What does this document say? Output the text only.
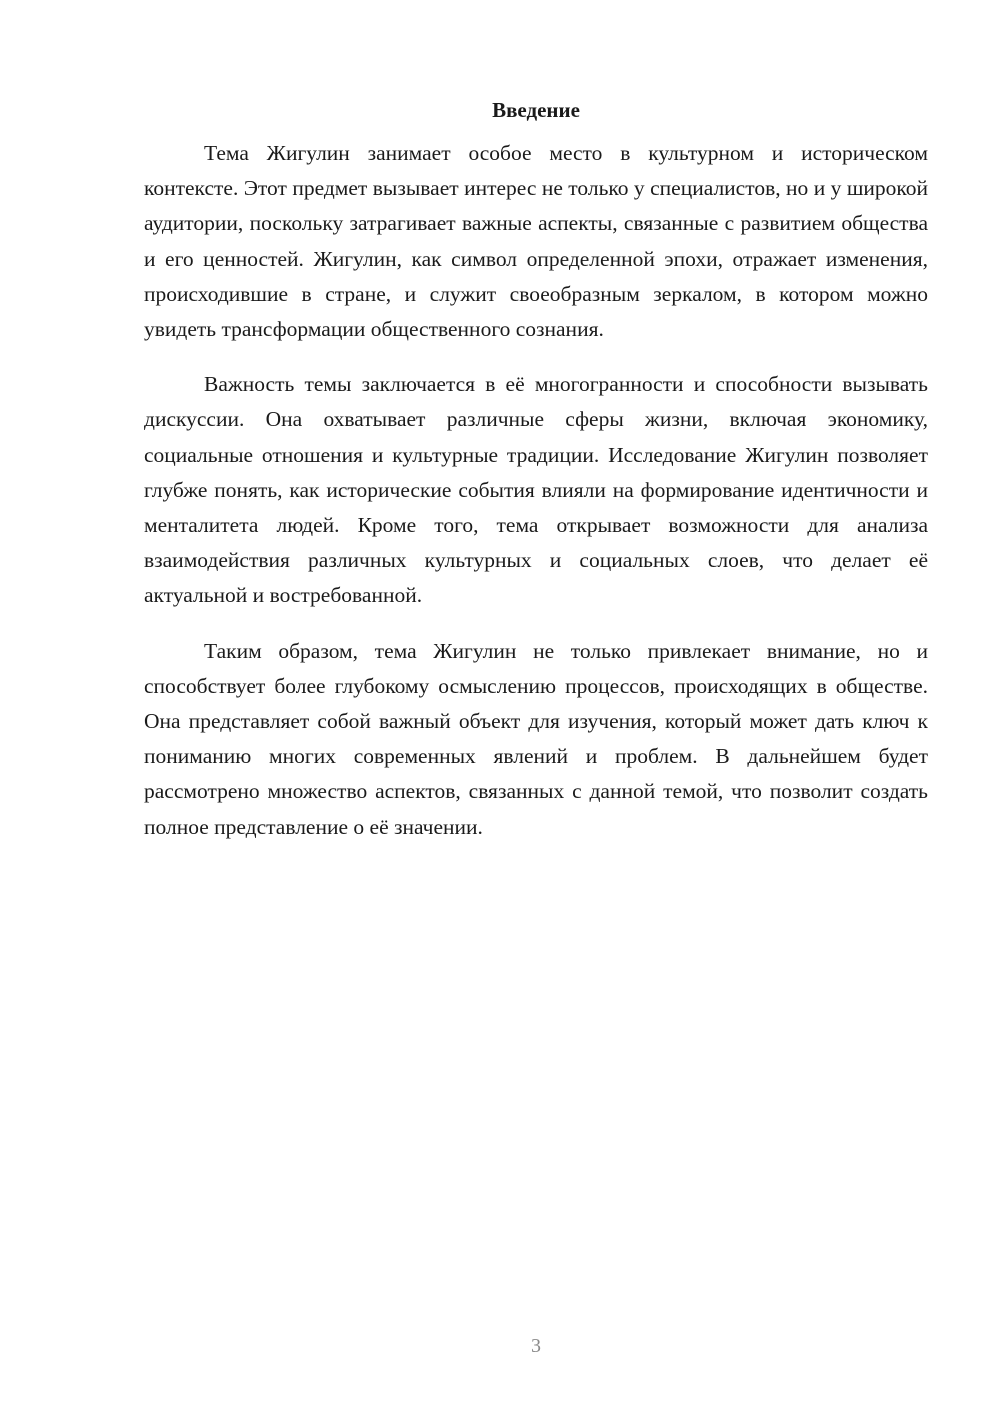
Введение

Тема Жигулин занимает особое место в культурном и историческом контексте. Этот предмет вызывает интерес не только у специалистов, но и у широкой аудитории, поскольку затрагивает важные аспекты, связанные с развитием общества и его ценностей. Жигулин, как символ определенной эпохи, отражает изменения, происходившие в стране, и служит своеобразным зеркалом, в котором можно увидеть трансформации общественного сознания.

Важность темы заключается в её многогранности и способности вызывать дискуссии. Она охватывает различные сферы жизни, включая экономику, социальные отношения и культурные традиции. Исследование Жигулин позволяет глубже понять, как исторические события влияли на формирование идентичности и менталитета людей. Кроме того, тема открывает возможности для анализа взаимодействия различных культурных и социальных слоев, что делает её актуальной и востребованной.

Таким образом, тема Жигулин не только привлекает внимание, но и способствует более глубокому осмыслению процессов, происходящих в обществе. Она представляет собой важный объект для изучения, который может дать ключ к пониманию многих современных явлений и проблем. В дальнейшем будет рассмотрено множество аспектов, связанных с данной темой, что позволит создать полное представление о её значении.

3
